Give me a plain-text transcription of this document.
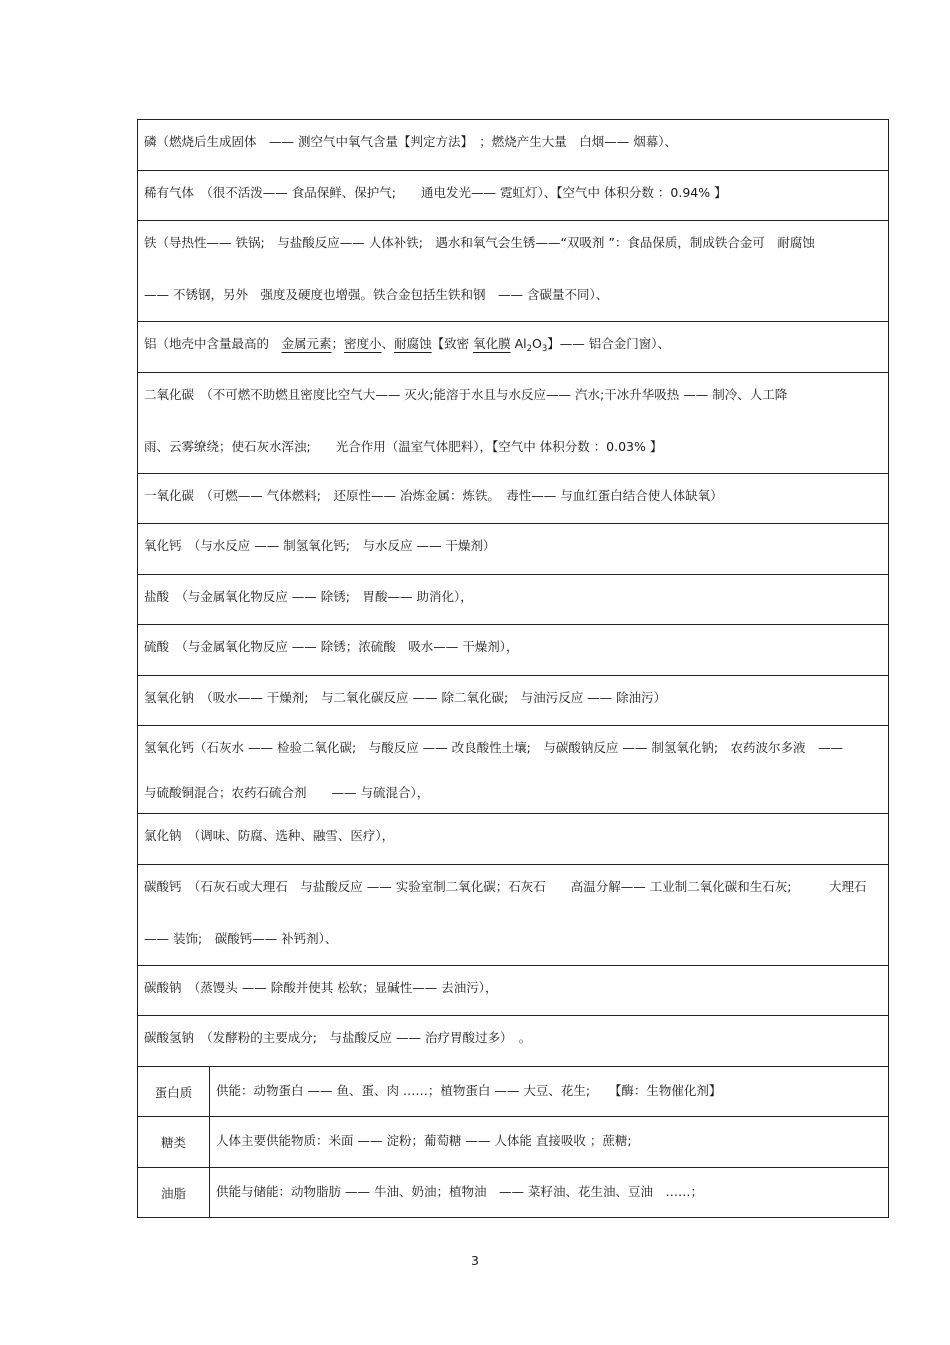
磷（燃烧后生成固体　—— 测空气中氧气含量【判定方法】　；燃烧产生大量　白烟—— 烟幕）、
稀有气体　（很不活泼—— 食品保鲜、保护气;　　通电发光—— 霓虹灯）、【空气中 体积分数 ：0.94% 】
铁（导热性—— 铁锅;　与盐酸反应—— 人体补铁;　遇水和氧气会生锈——“双吸剂 ”：食品保质，制成铁合金可　耐腐蚀
—— 不锈钢，另外　强度及硬度也增强。铁合金包括生铁和钢　—— 含碳量不同）、
铝（地壳中含量最高的　金属元素；密度小、耐腐蚀【致密 氧化膜 $Al_2O_3$】—— 铝合金门窗）、
二氧化碳　（不可燃不助燃且密度比空气大—— 灭火;能溶于水且与水反应—— 汽水;干冰升华吸热 —— 制冷、人工降
雨、云雾缭绕；使石灰水浑浊;　　光合作用（温室气体肥料），【空气中 体积分数 ：0.03% 】
一氧化碳　（可燃—— 气体燃料;　还原性—— 冶炼金属：炼铁。　毒性—— 与血红蛋白结合使人体缺氧）
氧化钙　（与水反应 —— 制氢氧化钙;　与水反应 —— 干燥剂）
盐酸　（与金属氧化物反应 —— 除锈;　胃酸—— 助消化），
硫酸　（与金属氧化物反应 —— 除锈；浓硫酸　吸水—— 干燥剂），
氢氧化钠　（吸水—— 干燥剂;　与二氧化碳反应 —— 除二氧化碳;　与油污反应 —— 除油污）
氢氧化钙（石灰水 —— 检验二氧化碳;　与酸反应 —— 改良酸性土壤;　与碳酸钠反应 —— 制氢氧化钠;　农药波尔多液　——
与硫酸铜混合；农药石硫合剂　　—— 与硫混合），
氯化钠　（调味、防腐、选种、融雪、医疗），
碳酸钙　（石灰石或大理石　与盐酸反应 —— 实验室制二氧化碳；石灰石　　高温分解—— 工业制二氧化碳和生石灰;　　　大理石
—— 装饰;　碳酸钙—— 补钙剂）、
碳酸钠　（蒸馒头 —— 除酸并使其 松软；显碱性—— 去油污），
碳酸氢钠　（发酵粉的主要成分;　与盐酸反应 —— 治疗胃酸过多）　。
蛋白质	供能：动物蛋白 —— 鱼、蛋、肉 ……；植物蛋白 —— 大豆、花生;　　【酶：生物催化剂】
糖类	人体主要供能物质：米面 —— 淀粉；葡萄糖 —— 人体能 直接吸收 ；蔗糖;
油脂	供能与储能：动物脂肪 —— 牛油、奶油；植物油　—— 菜籽油、花生油、豆油　……；
3
